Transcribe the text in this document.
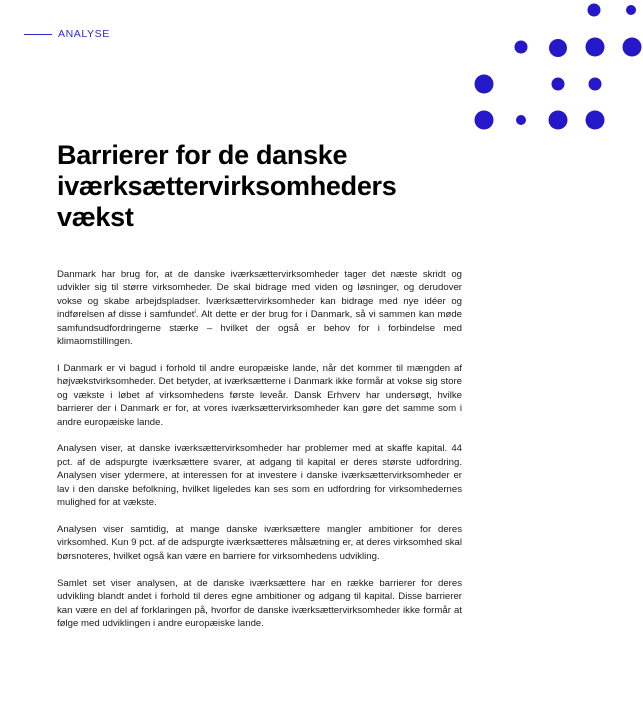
ANALYSE
Barrierer for de danske
iværksættervirksomheders
vækst

Danmark har brug for, at de danske iværksættervirksomheder tager det næste skridt og udvikler sig til større virksomheder. De skal bidrage med viden og løsninger, og derudover vokse og skabe arbejdspladser. Iværksættervirksomheder kan bidrage med nye idéer og indførelsen af disse i samfundet$^i$. Alt dette er der brug for i Danmark, så vi sammen kan møde samfundsudfordringerne stærke – hvilket der også er behov for i forbindelse med klimaomstillingen.

I Danmark er vi bagud i forhold til andre europæiske lande, når det kommer til mængden af højvækstvirksomheder. Det betyder, at iværksætterne i Danmark ikke formår at vokse sig store og vækste i løbet af virksomhedens første leveår. Dansk Erhverv har undersøgt, hvilke barrierer der i Danmark er for, at vores iværksættervirksomheder kan gøre det samme som i andre europæiske lande.

Analysen viser, at danske iværksættervirksomheder har problemer med at skaffe kapital. 44 pct. af de adspurgte iværksættere svarer, at adgang til kapital er deres største udfordring. Analysen viser ydermere, at interessen for at investere i danske iværksættervirksomheder er lav i den danske befolkning, hvilket ligeledes kan ses som en udfordring for virksomhedernes mulighed for at vækste.

Analysen viser samtidig, at mange danske iværksættere mangler ambitioner for deres virksomhed. Kun 9 pct. af de adspurgte iværksætteres målsætning er, at deres virksomhed skal børsnoteres, hvilket også kan være en barriere for virksomhedens udvikling.

Samlet set viser analysen, at de danske iværksættere har en række barrierer for deres udvikling blandt andet i forhold til deres egne ambitioner og adgang til kapital. Disse barrierer kan være en del af forklaringen på, hvorfor de danske iværksættervirksomheder ikke formår at følge med udviklingen i andre europæiske lande.
